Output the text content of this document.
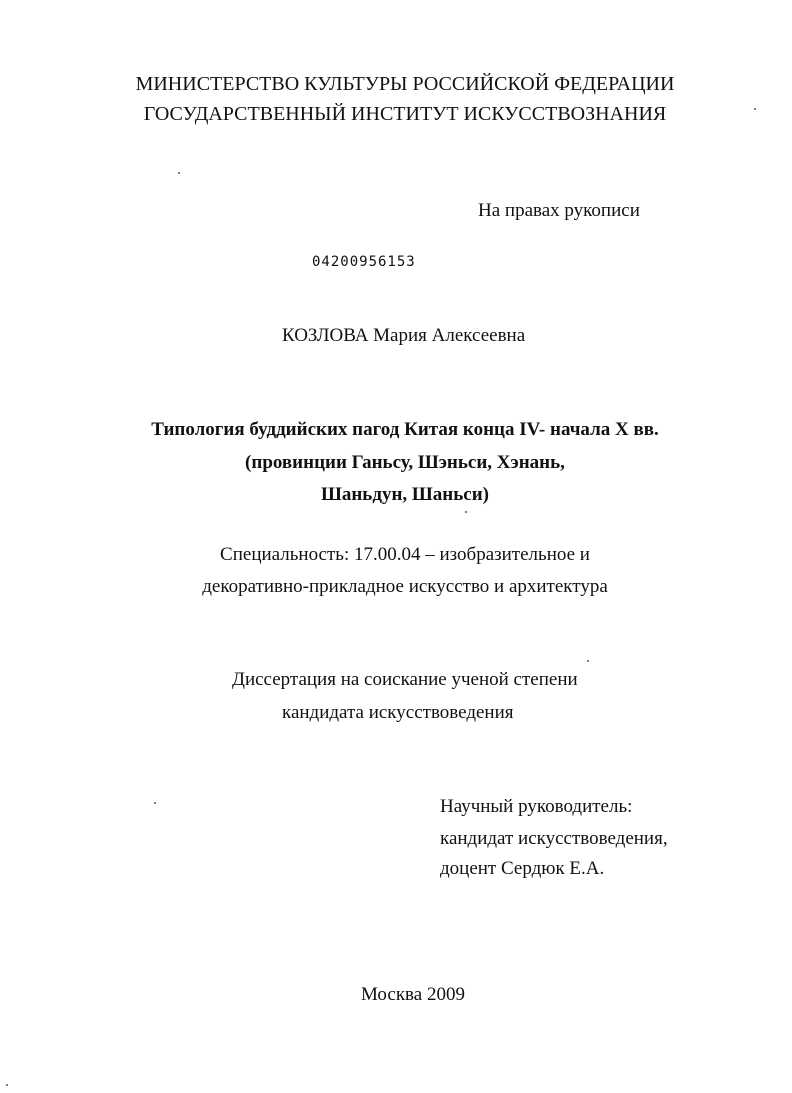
МИНИСТЕРСТВО КУЛЬТУРЫ РОССИЙСКОЙ ФЕДЕРАЦИИ
ГОСУДАРСТВЕННЫЙ ИНСТИТУТ ИСКУССТВОЗНАНИЯ
На правах рукописи
04200956153
КОЗЛОВА Мария Алексеевна
Типология буддийских пагод Китая конца IV- начала X вв.
(провинции Ганьсу, Шэньси, Хэнань,
Шаньдун, Шаньси)
Специальность: 17.00.04 – изобразительное и
декоративно-прикладное искусство и архитектура
Диссертация на соискание ученой степени
кандидата искусствоведения
Научный руководитель:
кандидат искусствоведения,
доцент Сердюк Е.А.
Москва 2009
